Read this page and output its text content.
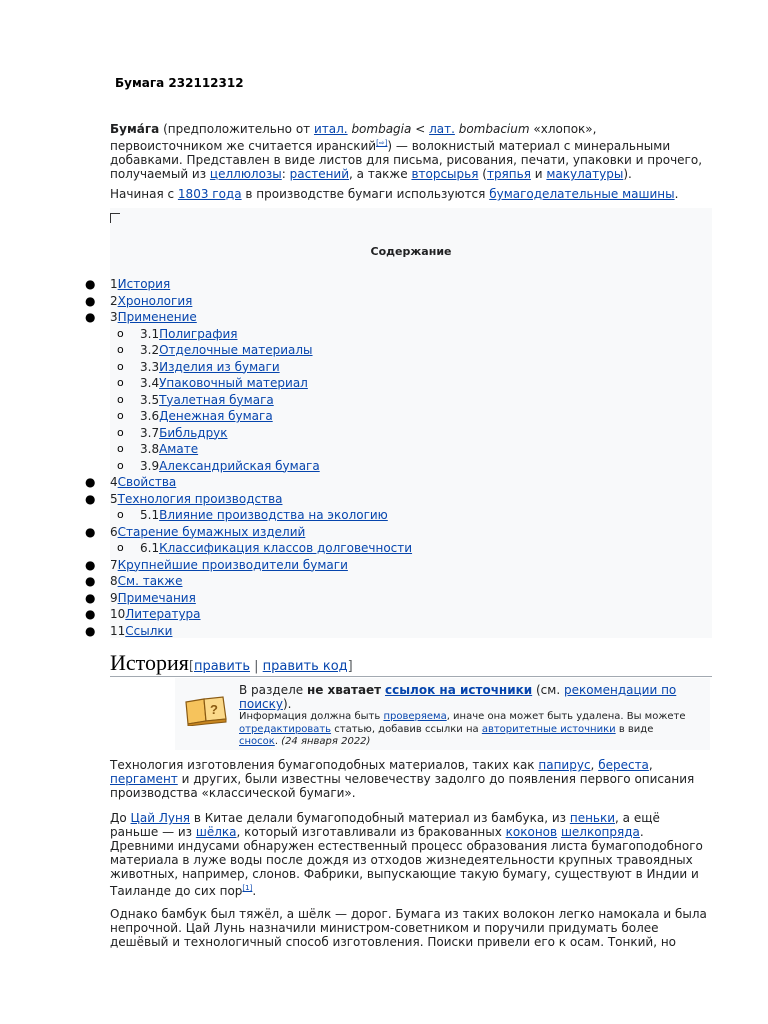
Бумага 232112312

Бума́га (предположительно от итал. bombagia < лат. bombacium «хлопок», первоисточником же считается иранский[⇨]) — волокнистый материал с минеральными добавками. Представлен в виде листов для письма, рисования, печати, упаковки и прочего, получаемый из целлюлозы: растений, а также вторсырья (тряпья и макулатуры).

Начиная с 1803 года в производстве бумаги используются бумагоделательные машины.

Содержание
● 1История
● 2Хронология
● 3Применение
o 3.1Полиграфия
o 3.2Отделочные материалы
o 3.3Изделия из бумаги
o 3.4Упаковочный материал
o 3.5Туалетная бумага
o 3.6Денежная бумага
o 3.7Библьдрук
o 3.8Амате
o 3.9Александрийская бумага
● 4Свойства
● 5Технология производства
o 5.1Влияние производства на экологию
● 6Старение бумажных изделий
o 6.1Классификация классов долговечности
● 7Крупнейшие производители бумаги
● 8См. также
● 9Примечания
● 10Литература
● 11Ссылки
История[править | править код]
?
В разделе не хватает ссылок на источники (см. рекомендации по поиску).
Информация должна быть проверяема, иначе она может быть удалена. Вы можете отредактировать статью, добавив ссылки на авторитетные источники в виде сносок. (24 января 2022)

Технология изготовления бумагоподобных материалов, таких как папирус, береста, пергамент и других, были известны человечеству задолго до появления первого описания производства «классической бумаги».

До Цай Луня в Китае делали бумагоподобный материал из бамбука, из пеньки, а ещё раньше — из шёлка, который изготавливали из бракованных коконов шелкопряда. Древними индусами обнаружен естественный процесс образования листа бумагоподобного материала в луже воды после дождя из отходов жизнедеятельности крупных травоядных животных, например, слонов. Фабрики, выпускающие такую бумагу, существуют в Индии и Таиланде до сих пор[1].

Однако бамбук был тяжёл, а шёлк — дорог. Бумага из таких волокон легко намокала и была непрочной. Цай Лунь назначили министром-советником и поручили придумать более дешёвый и технологичный способ изготовления. Поиски привели его к осам. Тонкий, но
